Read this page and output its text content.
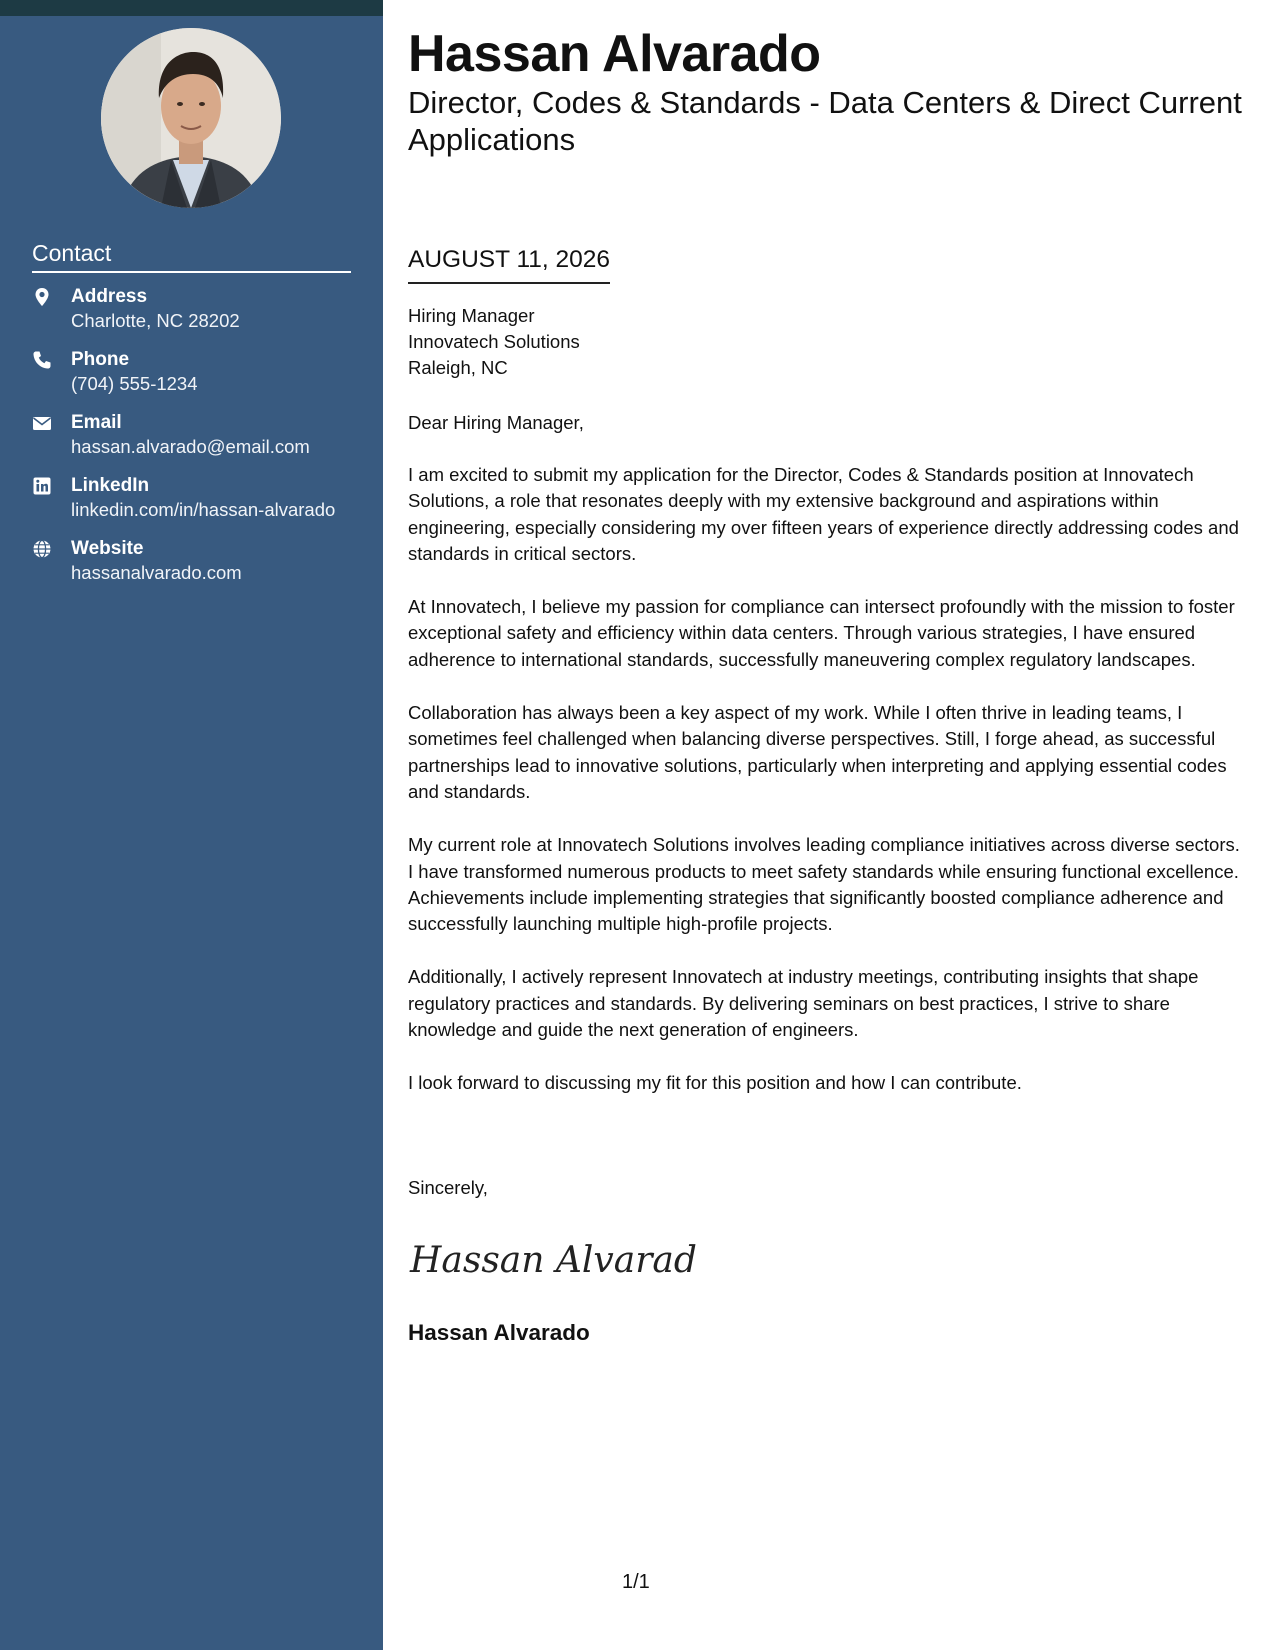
Contact
Address
Charlotte, NC 28202
Phone
(704) 555-1234
Email
hassan.alvarado@email.com
LinkedIn
linkedin.com/in/hassan-alvarado
Website
hassanalvarado.com
Hassan Alvarado
Director, Codes & Standards - Data Centers & Direct Current Applications
AUGUST 11, 2026
Hiring Manager
Innovatech Solutions
Raleigh, NC
Dear Hiring Manager,

I am excited to submit my application for the Director, Codes & Standards position at Innovatech Solutions, a role that resonates deeply with my extensive background and aspirations within engineering, especially considering my over fifteen years of experience directly addressing codes and standards in critical sectors.

At Innovatech, I believe my passion for compliance can intersect profoundly with the mission to foster exceptional safety and efficiency within data centers. Through various strategies, I have ensured adherence to international standards, successfully maneuvering complex regulatory landscapes.

Collaboration has always been a key aspect of my work. While I often thrive in leading teams, I sometimes feel challenged when balancing diverse perspectives. Still, I forge ahead, as successful partnerships lead to innovative solutions, particularly when interpreting and applying essential codes and standards.

My current role at Innovatech Solutions involves leading compliance initiatives across diverse sectors. I have transformed numerous products to meet safety standards while ensuring functional excellence. Achievements include implementing strategies that significantly boosted compliance adherence and successfully launching multiple high-profile projects.

Additionally, I actively represent Innovatech at industry meetings, contributing insights that shape regulatory practices and standards. By delivering seminars on best practices, I strive to share knowledge and guide the next generation of engineers.

I look forward to discussing my fit for this position and how I can contribute.

Sincerely,
Hassan Alvarad
Hassan Alvarado
1/1
